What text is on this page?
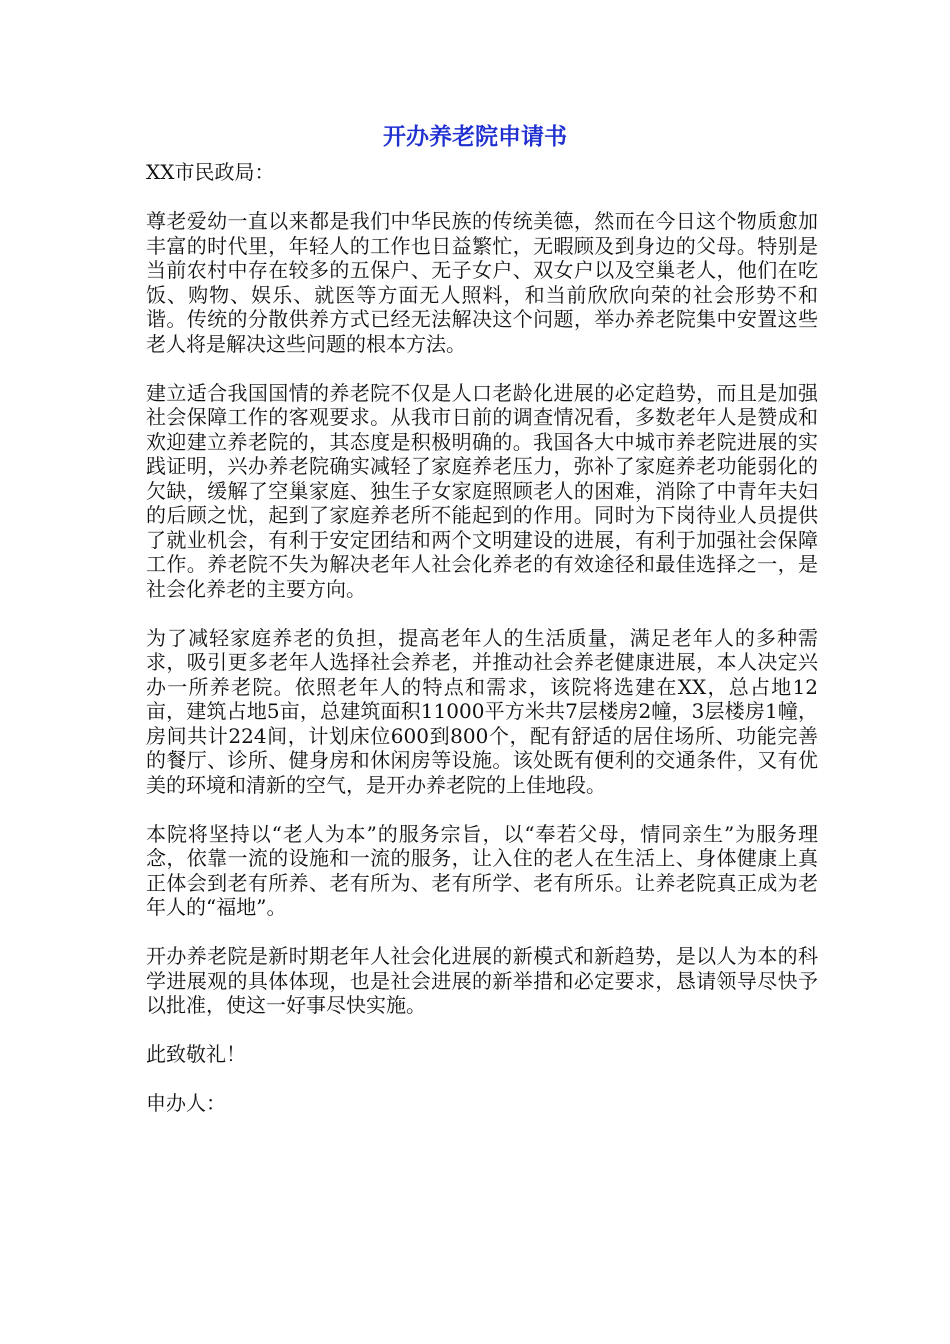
开办养老院申请书

XX市民政局：

尊老爱幼一直以来都是我们中华民族的传统美德，然而在今日这个物质愈加丰富的时代里，年轻人的工作也日益繁忙，无暇顾及到身边的父母。特别是当前农村中存在较多的五保户、无子女户、双女户以及空巢老人，他们在吃饭、购物、娱乐、就医等方面无人照料，和当前欣欣向荣的社会形势不和谐。传统的分散供养方式已经无法解决这个问题，举办养老院集中安置这些老人将是解决这些问题的根本方法。

建立适合我国国情的养老院不仅是人口老龄化进展的必定趋势，而且是加强社会保障工作的客观要求。从我市日前的调查情况看，多数老年人是赞成和欢迎建立养老院的，其态度是积极明确的。我国各大中城市养老院进展的实践证明，兴办养老院确实减轻了家庭养老压力，弥补了家庭养老功能弱化的欠缺，缓解了空巢家庭、独生子女家庭照顾老人的困难，消除了中青年夫妇的后顾之忧，起到了家庭养老所不能起到的作用。同时为下岗待业人员提供了就业机会，有利于安定团结和两个文明建设的进展，有利于加强社会保障工作。养老院不失为解决老年人社会化养老的有效途径和最佳选择之一，是社会化养老的主要方向。

为了减轻家庭养老的负担，提高老年人的生活质量，满足老年人的多种需求，吸引更多老年人选择社会养老，并推动社会养老健康进展，本人决定兴办一所养老院。依照老年人的特点和需求，该院将选建在XX，总占地12亩，建筑占地5亩，总建筑面积11000平方米共7层楼房2幢，3层楼房1幢，房间共计224间，计划床位600到800个，配有舒适的居住场所、功能完善的餐厅、诊所、健身房和休闲房等设施。该处既有便利的交通条件，又有优美的环境和清新的空气，是开办养老院的上佳地段。

本院将坚持以“老人为本”的服务宗旨，以“奉若父母，情同亲生”为服务理念，依靠一流的设施和一流的服务，让入住的老人在生活上、身体健康上真正体会到老有所养、老有所为、老有所学、老有所乐。让养老院真正成为老年人的“福地”。

开办养老院是新时期老年人社会化进展的新模式和新趋势，是以人为本的科学进展观的具体体现，也是社会进展的新举措和必定要求，恳请领导尽快予以批准，使这一好事尽快实施。

此致敬礼！

申办人：
